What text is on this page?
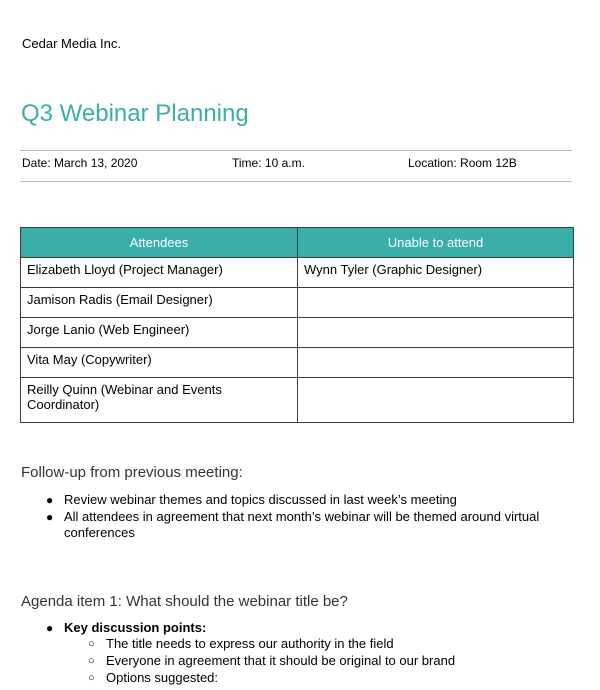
Cedar Media Inc.
Q3 Webinar Planning
Date: March 13, 2020	Time: 10 a.m.	Location: Room 12B
Attendees	Unable to attend
Elizabeth Lloyd (Project Manager)	Wynn Tyler (Graphic Designer)
Jamison Radis (Email Designer)	
Jorge Lanio (Web Engineer)	
Vita May (Copywriter)	
Reilly Quinn (Webinar and Events Coordinator)	
Follow-up from previous meeting:
● Review webinar themes and topics discussed in last week’s meeting
● All attendees in agreement that next month’s webinar will be themed around virtual conferences
Agenda item 1: What should the webinar title be?
● Key discussion points:
○ The title needs to express our authority in the field
○ Everyone in agreement that it should be original to our brand
○ Options suggested:
